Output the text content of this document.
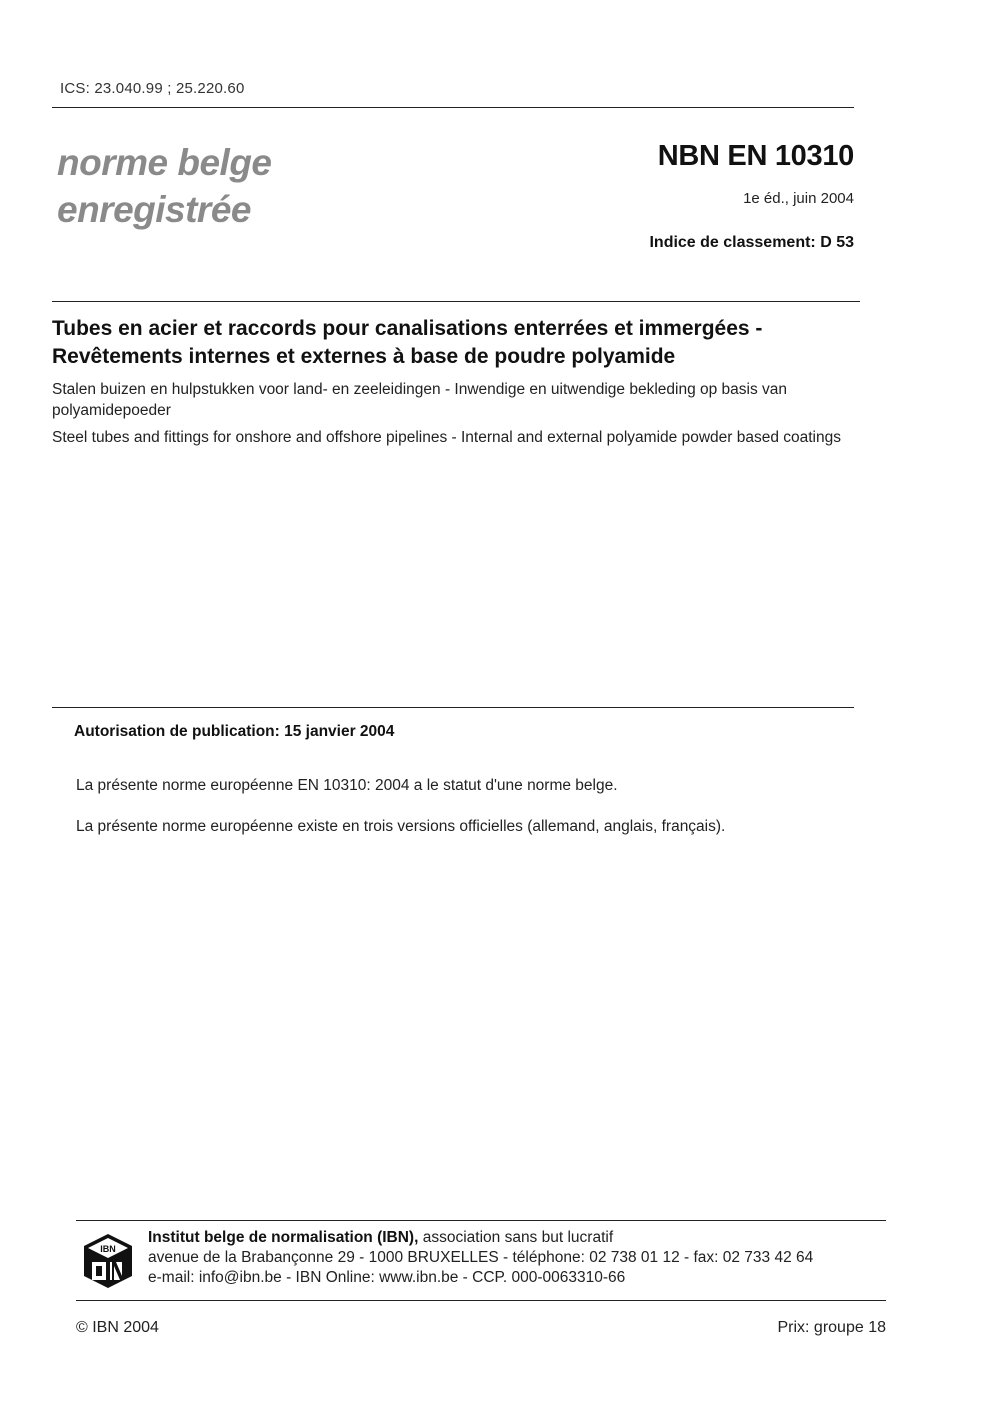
ICS: 23.040.99 ; 25.220.60
norme belge
enregistrée
NBN EN 10310
1e éd., juin 2004
Indice de classement: D 53
Tubes en acier et raccords pour canalisations enterrées et immergées - Revêtements internes et externes à base de poudre polyamide
Stalen buizen en hulpstukken voor land- en zeeleidingen - Inwendige en uitwendige bekleding op basis van polyamidepoeder
Steel tubes and fittings for onshore and offshore pipelines - Internal and external polyamide powder based coatings
Autorisation de publication: 15 janvier 2004
La présente norme européenne EN 10310: 2004 a le statut d'une norme belge.
La présente norme européenne existe en trois versions officielles (allemand, anglais, français).
IBN
Institut belge de normalisation (IBN), association sans but lucratif
avenue de la Brabançonne 29 - 1000 BRUXELLES - téléphone: 02 738 01 12 - fax: 02 733 42 64
e-mail: info@ibn.be - IBN Online: www.ibn.be - CCP. 000-0063310-66
© IBN 2004	Prix: groupe 18
